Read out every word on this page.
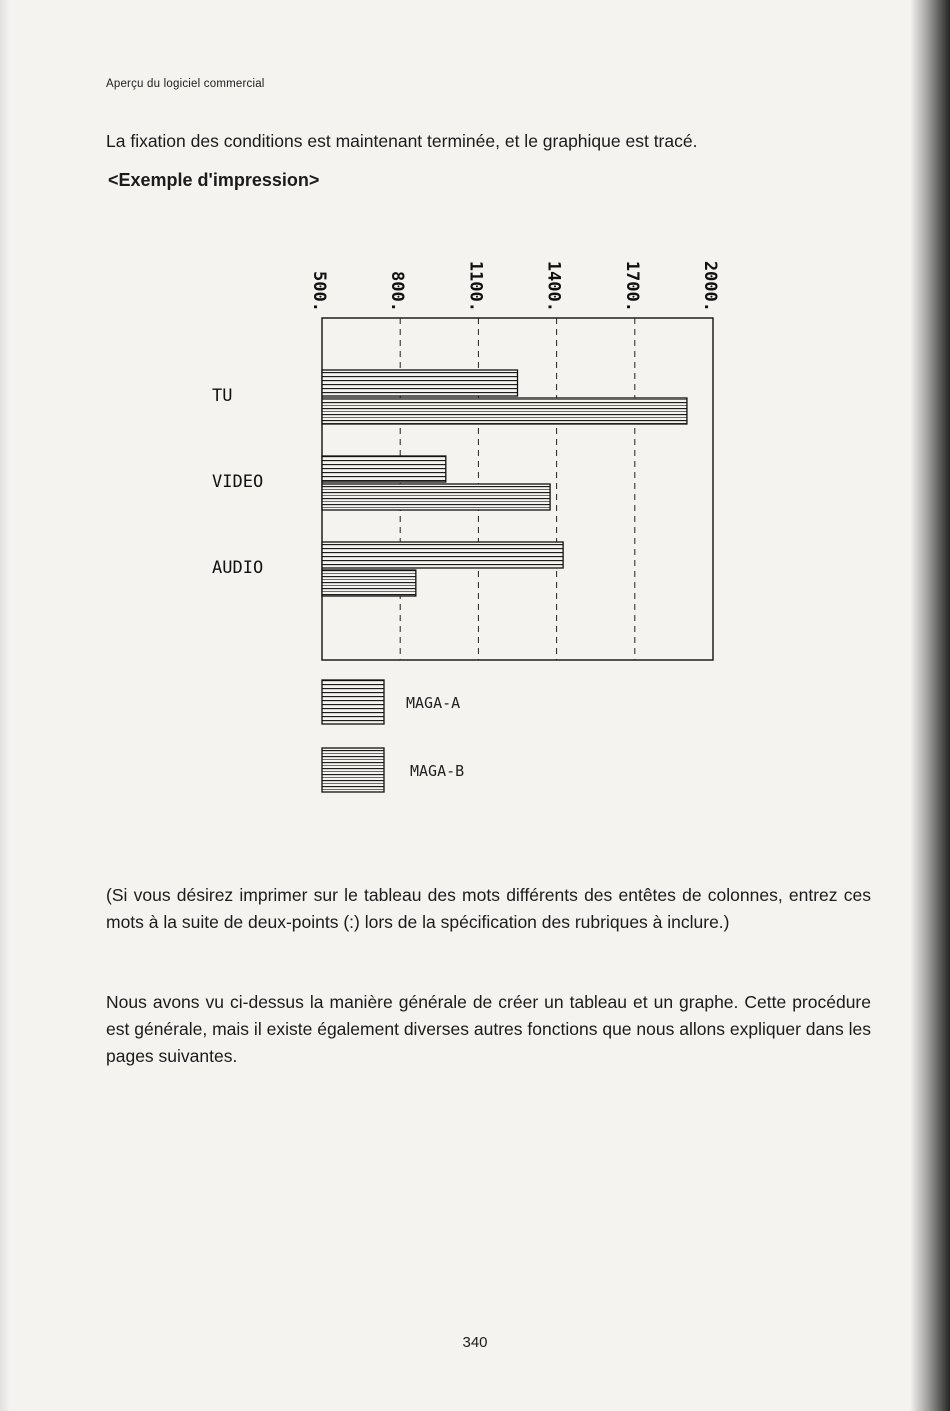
Aperçu du logiciel commercial
La fixation des conditions est maintenant terminée, et le graphique est tracé.
<Exemple d'impression>
500.	800.	1100.	1400.	1700.	2000.
TU
VIDEO
AUDIO
MAGA-A
MAGA-B
(Si vous désirez imprimer sur le tableau des mots différents des entêtes de colonnes, entrez ces mots à la suite de deux-points (:) lors de la spécification des rubriques à inclure.)
Nous avons vu ci-dessus la manière générale de créer un tableau et un graphe. Cette procédure est générale, mais il existe également diverses autres fonctions que nous allons expliquer dans les pages suivantes.
340
